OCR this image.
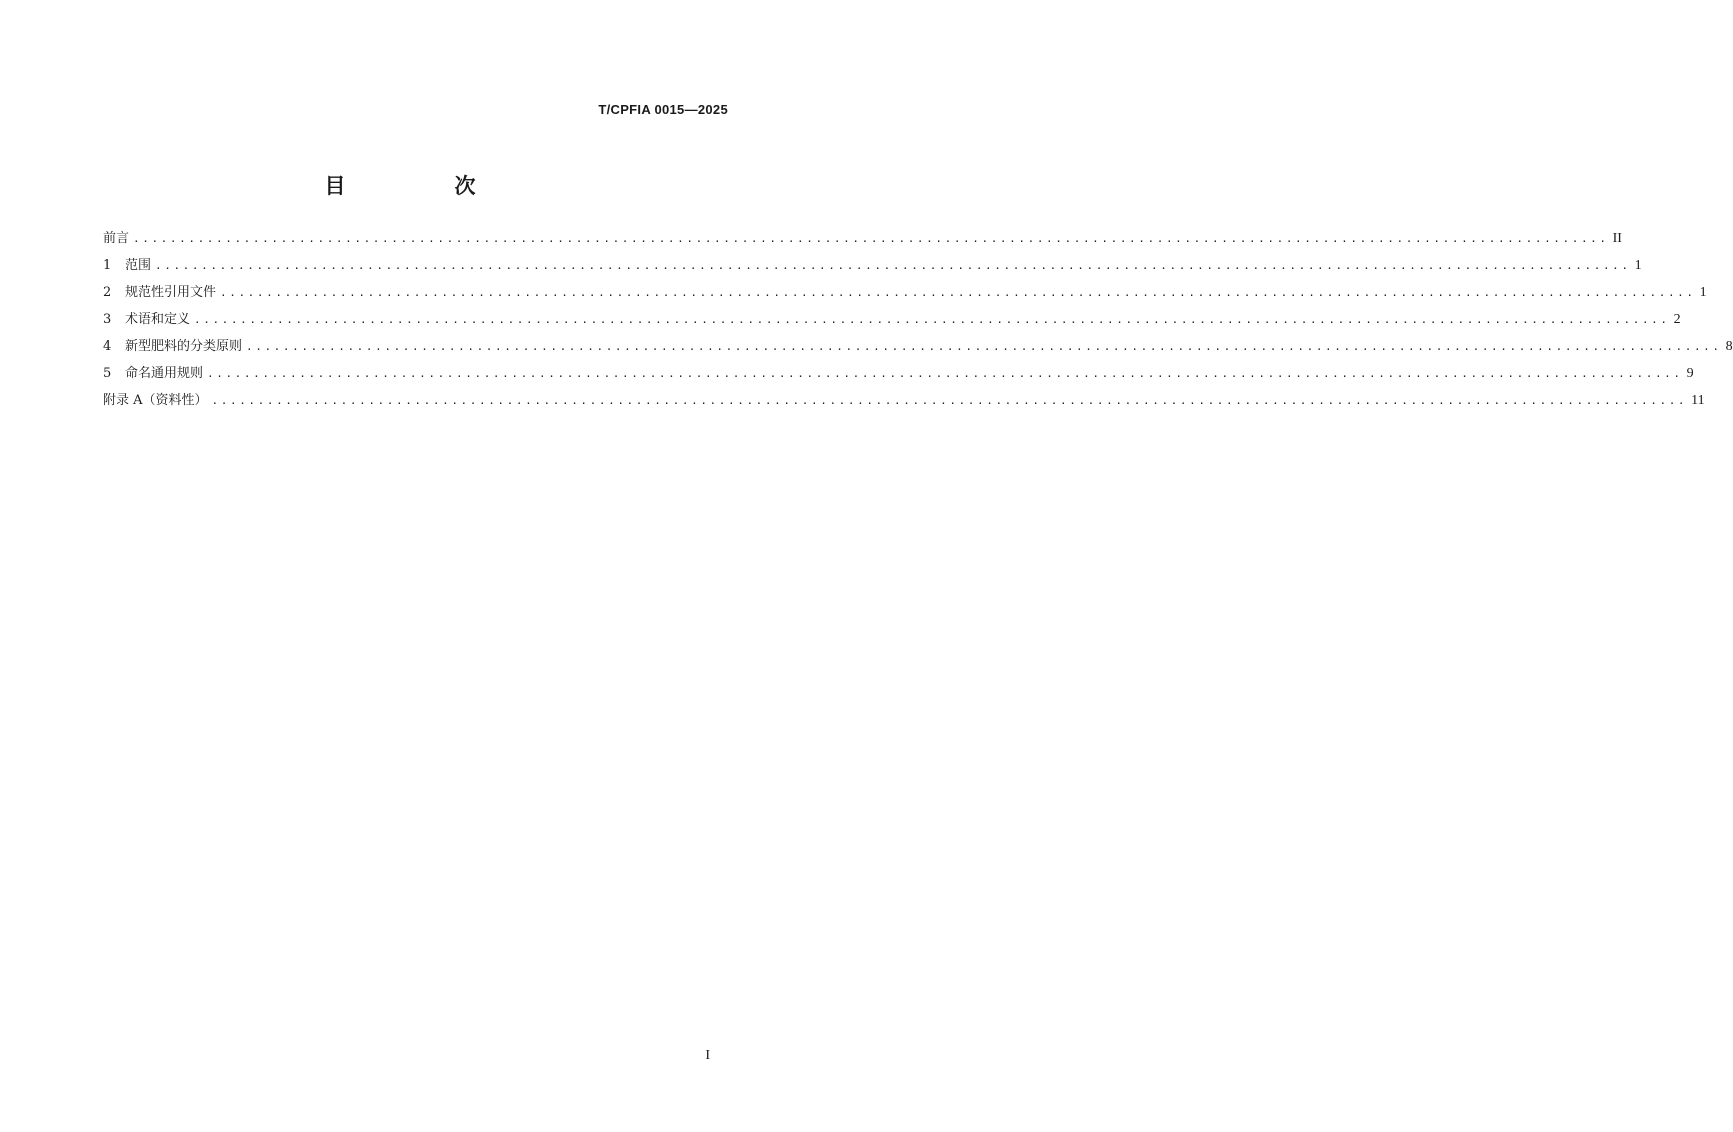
T/CPFIA 0015—2025
目　次
前言 ................................................................................................................................................................ II
1	范围 ................................................................................................................................................................ 1
2	规范性引用文件 ................................................................................................................................................................ 1
3	术语和定义 ................................................................................................................................................................ 2
4	新型肥料的分类原则 ................................................................................................................................................................ 8
5	命名通用规则 ................................................................................................................................................................ 9
附录 A（资料性） ................................................................................................................................................................ 11
I
